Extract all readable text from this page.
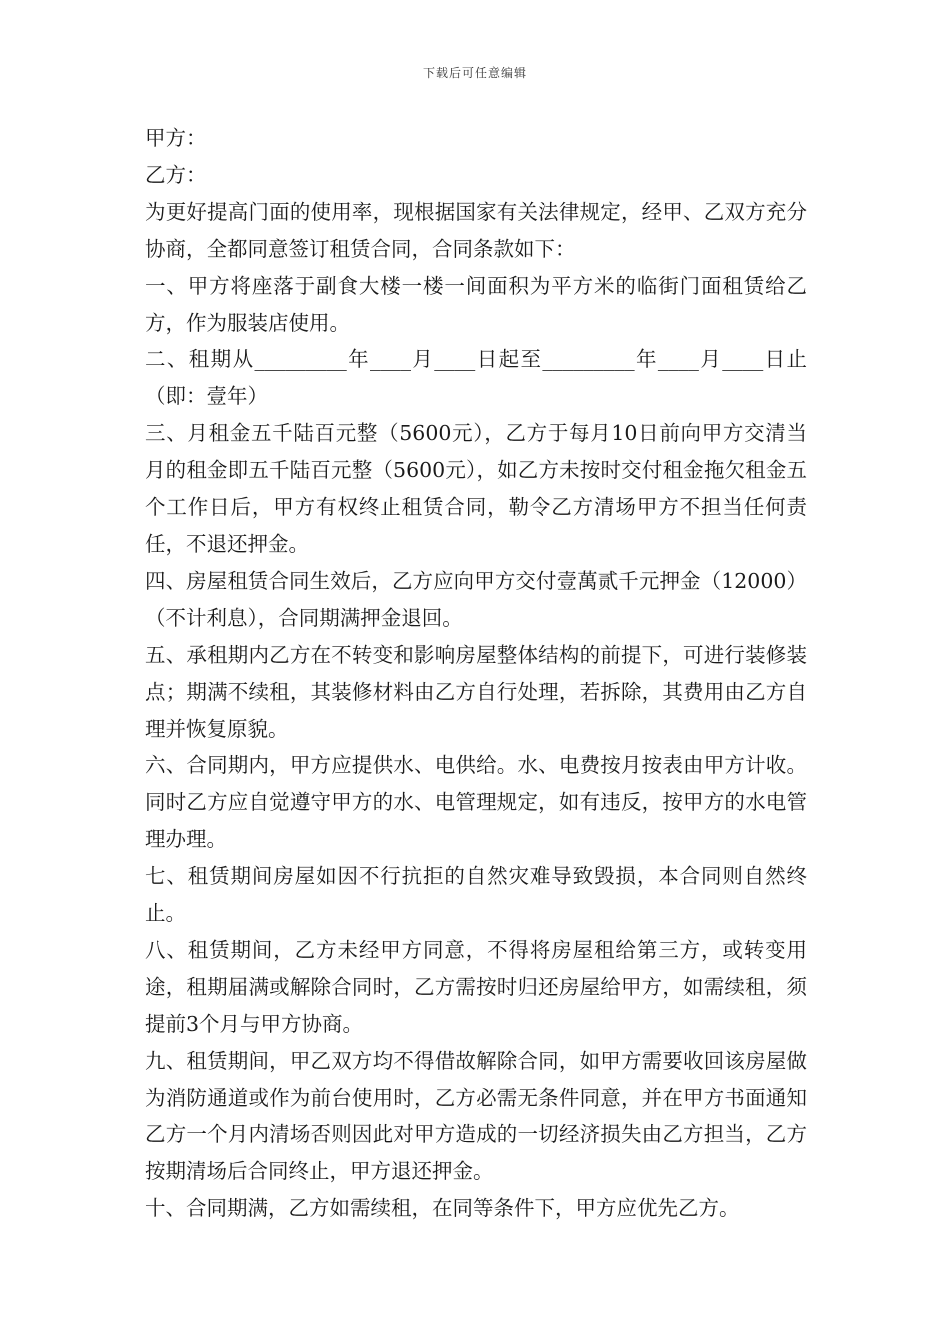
下载后可任意编辑

甲方：

乙方：

为更好提高门面的使用率，现根据国家有关法律规定，经甲、乙双方充分协商，全都同意签订租赁合同，合同条款如下：

一、甲方将座落于副食大楼一楼一间面积为平方米的临街门面租赁给乙方，作为服装店使用。

二、租期从_________年____月____日起至_________年____月____日止（即：壹年）

三、月租金五千陆百元整（5600元），乙方于每月10日前向甲方交清当月的租金即五千陆百元整（5600元），如乙方未按时交付租金拖欠租金五个工作日后，甲方有权终止租赁合同，勒令乙方清场甲方不担当任何责任，不退还押金。

四、房屋租赁合同生效后，乙方应向甲方交付壹萬贰千元押金（12000）（不计利息），合同期满押金退回。

五、承租期内乙方在不转变和影响房屋整体结构的前提下，可进行装修装点；期满不续租，其装修材料由乙方自行处理，若拆除，其费用由乙方自理并恢复原貌。

六、合同期内，甲方应提供水、电供给。水、电费按月按表由甲方计收。同时乙方应自觉遵守甲方的水、电管理规定，如有违反，按甲方的水电管理办理。

七、租赁期间房屋如因不行抗拒的自然灾难导致毁损，本合同则自然终止。

八、租赁期间，乙方未经甲方同意，不得将房屋租给第三方，或转变用途，租期届满或解除合同时，乙方需按时归还房屋给甲方，如需续租，须提前3个月与甲方协商。

九、租赁期间，甲乙双方均不得借故解除合同，如甲方需要收回该房屋做为消防通道或作为前台使用时，乙方必需无条件同意，并在甲方书面通知乙方一个月内清场否则因此对甲方造成的一切经济损失由乙方担当，乙方按期清场后合同终止，甲方退还押金。

十、合同期满，乙方如需续租，在同等条件下，甲方应优先乙方。
